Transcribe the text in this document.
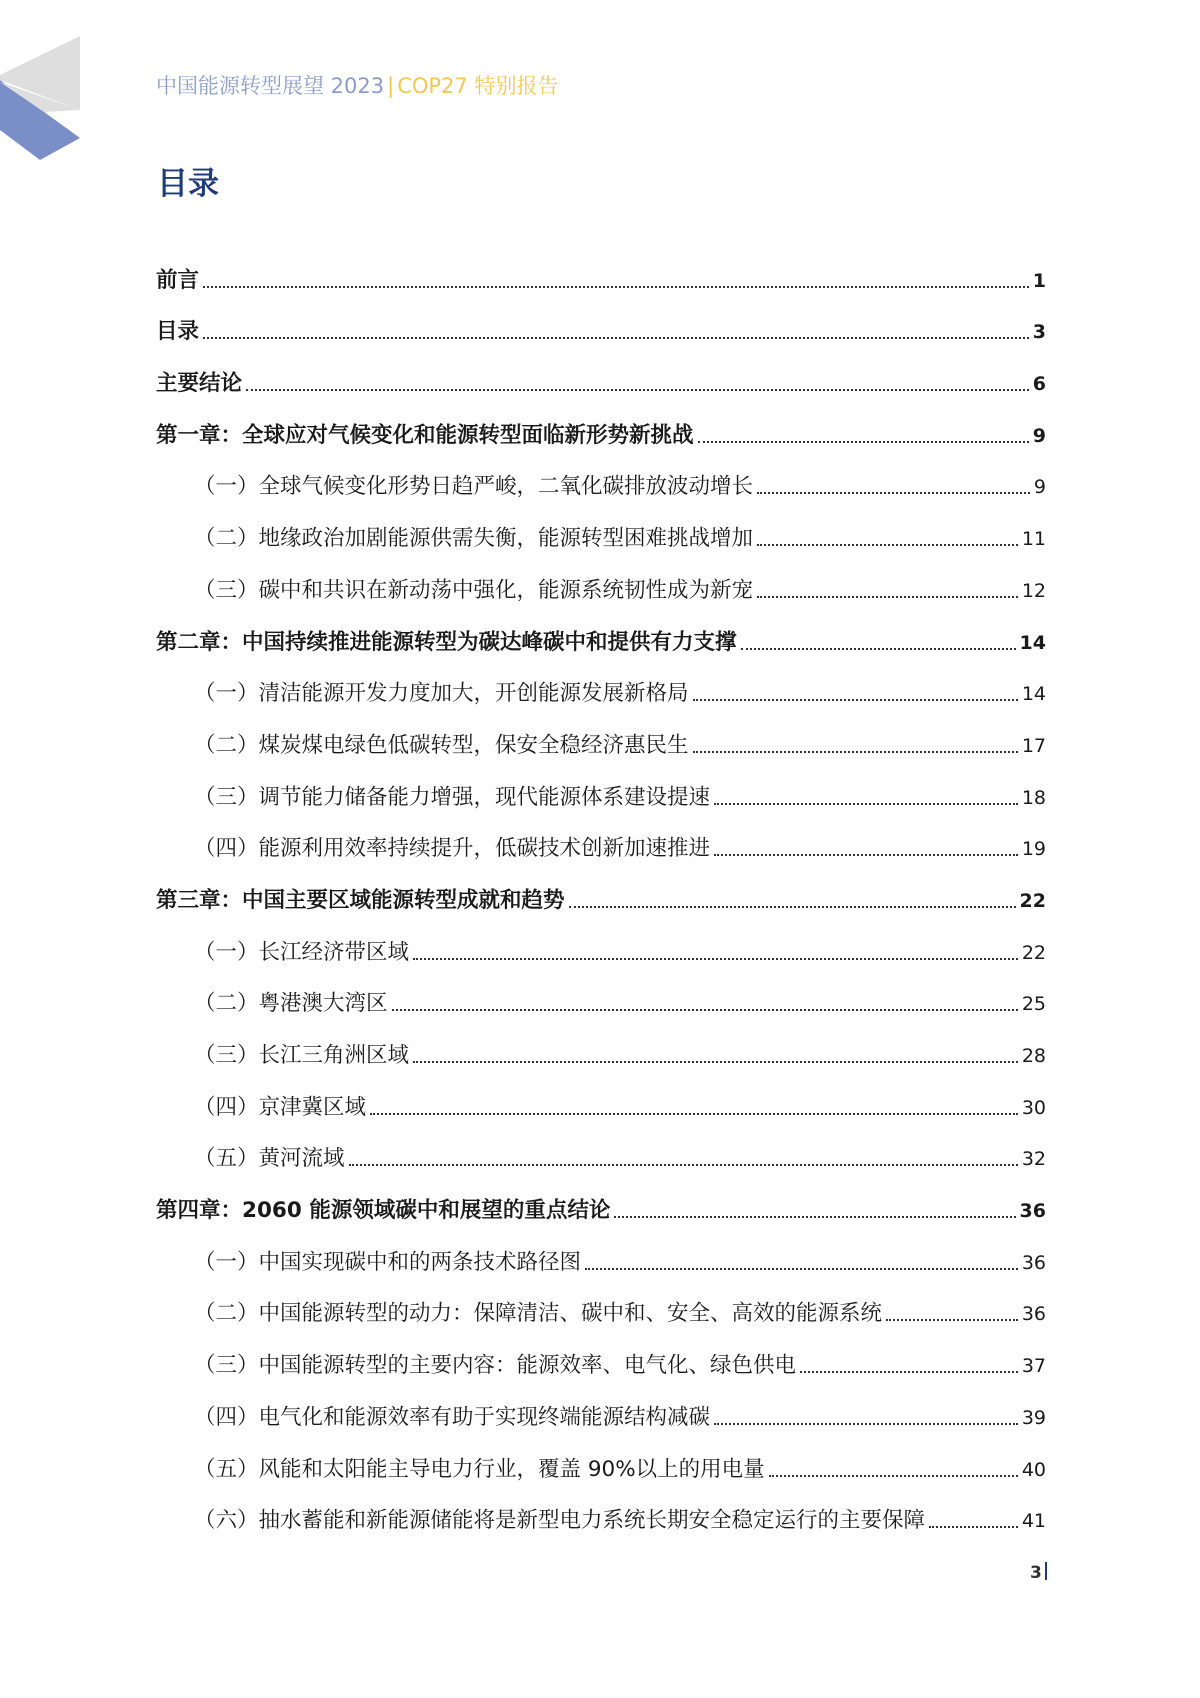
中国能源转型展望 2023 | COP27 特别报告
目录
前言	1
目录	3
主要结论	6
第一章：全球应对气候变化和能源转型面临新形势新挑战	9
（一）全球气候变化形势日趋严峻，二氧化碳排放波动增长	9
（二）地缘政治加剧能源供需失衡，能源转型困难挑战增加	11
（三）碳中和共识在新动荡中强化，能源系统韧性成为新宠	12
第二章：中国持续推进能源转型为碳达峰碳中和提供有力支撑	14
（一）清洁能源开发力度加大，开创能源发展新格局	14
（二）煤炭煤电绿色低碳转型，保安全稳经济惠民生	17
（三）调节能力储备能力增强，现代能源体系建设提速	18
（四）能源利用效率持续提升，低碳技术创新加速推进	19
第三章：中国主要区域能源转型成就和趋势	22
（一）长江经济带区域	22
（二）粤港澳大湾区	25
（三）长江三角洲区域	28
（四）京津冀区域	30
（五）黄河流域	32
第四章：2060 能源领域碳中和展望的重点结论	36
（一）中国实现碳中和的两条技术路径图	36
（二）中国能源转型的动力：保障清洁、碳中和、安全、高效的能源系统	36
（三）中国能源转型的主要内容：能源效率、电气化、绿色供电	37
（四）电气化和能源效率有助于实现终端能源结构减碳	39
（五）风能和太阳能主导电力行业，覆盖 90%以上的用电量	40
（六）抽水蓄能和新能源储能将是新型电力系统长期安全稳定运行的主要保障	41
3
